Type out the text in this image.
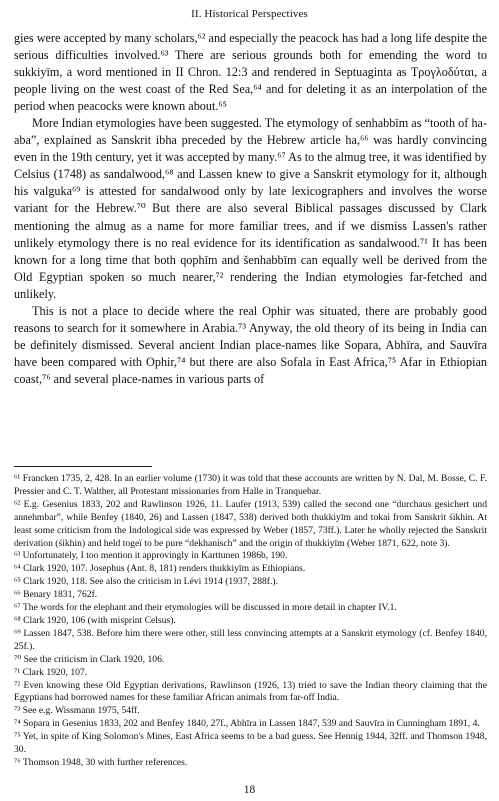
II. Historical Perspectives

gies were accepted by many scholars,⁶² and especially the peacock has had a long life despite the serious difficulties involved.⁶³ There are serious grounds both for emending the word to sukkiyīm, a word mentioned in II Chron. 12:3 and rendered in Septuaginta as Τρογλοδύται, a people living on the west coast of the Red Sea,⁶⁴ and for deleting it as an interpolation of the period when peacocks were known about.⁶⁵

More Indian etymologies have been suggested. The etymology of senhabbīm as “tooth of ha-aba”, explained as Sanskrit ibha preceded by the Hebrew article ha,⁶⁶ was hardly convincing even in the 19th century, yet it was accepted by many.⁶⁷ As to the almug tree, it was identified by Celsius (1748) as sandalwood,⁶⁸ and Lassen knew to give a Sanskrit etymology for it, although his valguka⁶⁹ is attested for sandalwood only by late lexicographers and involves the worse variant for the Hebrew.⁷⁰ But there are also several Biblical passages discussed by Clark mentioning the almug as a name for more familiar trees, and if we dismiss Lassen's rather unlikely etymology there is no real evidence for its identification as sandalwood.⁷¹ It has been known for a long time that both qophīm and šenhabbīm can equally well be derived from the Old Egyptian spoken so much nearer,⁷² rendering the Indian etymologies far-fetched and unlikely.

This is not a place to decide where the real Ophir was situated, there are probably good reasons to search for it somewhere in Arabia.⁷³ Anyway, the old theory of its being in India can be definitely dismissed. Several ancient Indian place-names like Sopara, Abhīra, and Sauvīra have been compared with Ophir,⁷⁴ but there are also Sofala in East Africa,⁷⁵ Afar in Ethiopian coast,⁷⁶ and several place-names in various parts of

⁶¹ Francken 1735, 2, 428. In an earlier volume (1730) it was told that these accounts are written by N. Dal, M. Bosse, C. F. Pressier and C. T. Walther, all Protestant missionaries from Halle in Tranquebar.

⁶² E.g. Gesenius 1833, 202 and Rawlinson 1926, 11. Laufer (1913, 539) called the second one “durchaus gesichert und annehmbar”, while Benfey (1840, 26) and Lassen (1847, 538) derived both thukkiyīm and tokai from Sanskrit śikhin. At least some criticism from the Indological side was expressed by Weber (1857, 73ff.). Later he wholly rejected the Sanskrit derivation (śikhin) and held togeï to be pure “dekhanisch” and the origin of thukkiyīm (Weber 1871, 622, note 3).

⁶³ Unfortunately, I too mention it approvingly in Karttunen 1986b, 190.

⁶⁴ Clark 1920, 107. Josephus (Ant. 8, 181) renders thukkiyīm as Ethiopians.

⁶⁵ Clark 1920, 118. See also the criticism in Lévi 1914 (1937, 288f.).

⁶⁶ Benary 1831, 762f.

⁶⁷ The words for the elephant and their etymologies will be discussed in more detail in chapter IV.1.

⁶⁸ Clark 1920, 106 (with misprint Celsus).

⁶⁹ Lassen 1847, 538. Before him there were other, still less convincing attempts at a Sanskrit etymology (cf. Benfey 1840, 25f.).

⁷⁰ See the criticism in Clark 1920, 106.

⁷¹ Clark 1920, 107.

⁷² Even knowing these Old Egyptian derivations, Rawlinson (1926, 13) tried to save the Indian theory claiming that the Egyptians had borrowed names for these familiar African animals from far-off India.

⁷³ See e.g. Wissmann 1975, 54ff.

⁷⁴ Sopara in Gesenius 1833, 202 and Benfey 1840, 27f., Abhīra in Lassen 1847, 539 and Sauvīra in Cunningham 1891, 4.

⁷⁵ Yet, in spite of King Solomon's Mines, East Africa seems to be a bad guess. See Hennig 1944, 32ff. and Thomson 1948, 30.

⁷⁶ Thomson 1948, 30 with further references.

18
